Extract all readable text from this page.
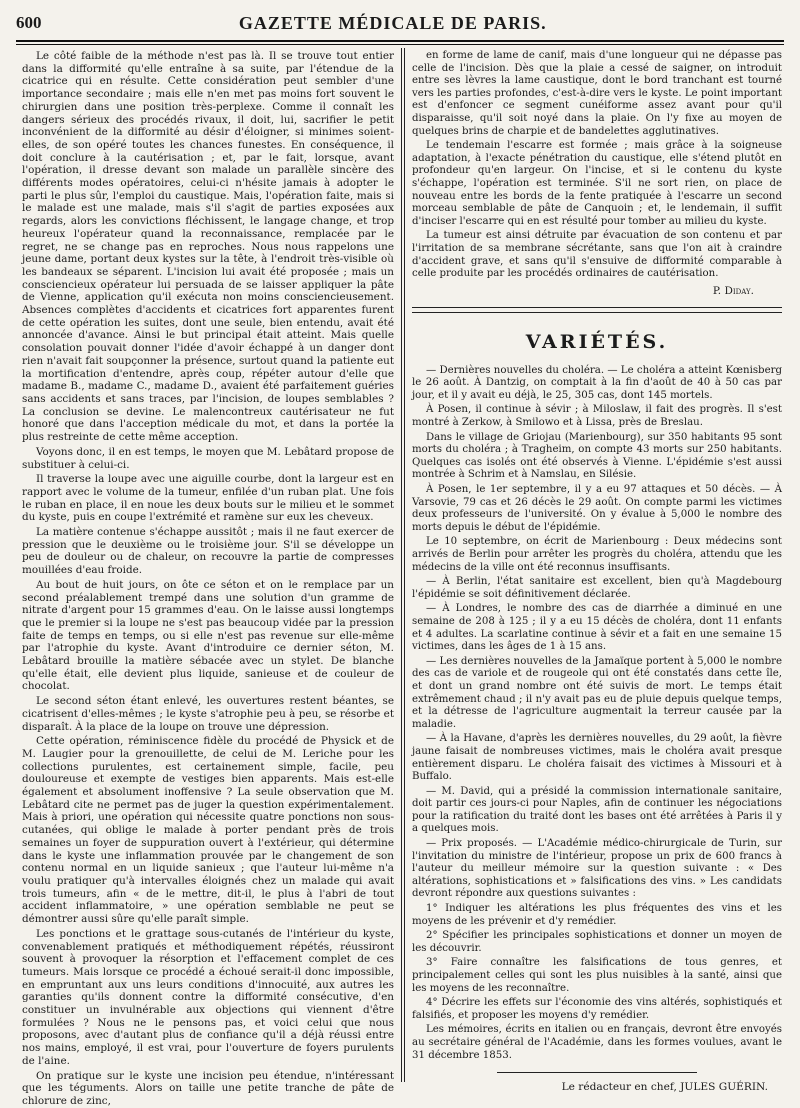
600	GAZETTE MÉDICALE DE PARIS.

Le côté faible de la méthode n'est pas là. Il se trouve tout entier dans la difformité qu'elle entraîne à sa suite, par l'étendue de la cicatrice qui en résulte. Cette considération peut sembler d'une importance secondaire ; mais elle n'en met pas moins fort souvent le chirurgien dans une position très-perplexe. Comme il connaît les dangers sérieux des procédés rivaux, il doit, lui, sacrifier le petit inconvénient de la difformité au désir d'éloigner, si minimes soient-elles, de son opéré toutes les chances funestes. En conséquence, il doit conclure à la cautérisation ; et, par le fait, lorsque, avant l'opération, il dresse devant son malade un parallèle sincère des différents modes opératoires, celui-ci n'hésite jamais à adopter le parti le plus sûr, l'emploi du caustique. Mais, l'opération faite, mais si le malade est une malade, mais s'il s'agit de parties exposées aux regards, alors les convictions fléchissent, le langage change, et trop heureux l'opérateur quand la reconnaissance, remplacée par le regret, ne se change pas en reproches. Nous nous rappelons une jeune dame, portant deux kystes sur la tête, à l'endroit très-visible où les bandeaux se séparent. L'incision lui avait été proposée ; mais un consciencieux opérateur lui persuada de se laisser appliquer la pâte de Vienne, application qu'il exécuta non moins consciencieusement. Absences complètes d'accidents et cicatrices fort apparentes furent de cette opération les suites, dont une seule, bien entendu, avait été annoncée d'avance. Ainsi le but principal était atteint. Mais quelle consolation pouvait donner l'idée d'avoir échappé à un danger dont rien n'avait fait soupçonner la présence, surtout quand la patiente eut la mortification d'entendre, après coup, répéter autour d'elle que madame B., madame C., madame D., avaient été parfaitement guéries sans accidents et sans traces, par l'incision, de loupes semblables ? La conclusion se devine. Le malencontreux cautérisateur ne fut honoré que dans l'acception médicale du mot, et dans la portée la plus restreinte de cette même acception.

Voyons donc, il en est temps, le moyen que M. Lebâtard propose de substituer à celui-ci.

Il traverse la loupe avec une aiguille courbe, dont la largeur est en rapport avec le volume de la tumeur, enfilée d'un ruban plat. Une fois le ruban en place, il en noue les deux bouts sur le milieu et le sommet du kyste, puis en coupe l'extrémité et ramène sur eux les cheveux.

La matière contenue s'échappe aussitôt ; mais il ne faut exercer de pression que le deuxième ou le troisième jour. S'il se développe un peu de douleur ou de chaleur, on recouvre la partie de compresses mouillées d'eau froide.

Au bout de huit jours, on ôte ce séton et on le remplace par un second préalablement trempé dans une solution d'un gramme de nitrate d'argent pour 15 grammes d'eau. On le laisse aussi longtemps que le premier si la loupe ne s'est pas beaucoup vidée par la pression faite de temps en temps, ou si elle n'est pas revenue sur elle-même par l'atrophie du kyste. Avant d'introduire ce dernier séton, M. Lebâtard brouille la matière sébacée avec un stylet. De blanche qu'elle était, elle devient plus liquide, sanieuse et de couleur de chocolat.

Le second séton étant enlevé, les ouvertures restent béantes, se cicatrisent d'elles-mêmes ; le kyste s'atrophie peu à peu, se résorbe et disparaît. À la place de la loupe on trouve une dépression.

Cette opération, réminiscence fidèle du procédé de Physick et de M. Laugier pour la grenouillette, de celui de M. Leriche pour les collections purulentes, est certainement simple, facile, peu douloureuse et exempte de vestiges bien apparents. Mais est-elle également et absolument inoffensive ? La seule observation que M. Lebâtard cite ne permet pas de juger la question expérimentalement. Mais à priori, une opération qui nécessite quatre ponctions non sous-cutanées, qui oblige le malade à porter pendant près de trois semaines un foyer de suppuration ouvert à l'extérieur, qui détermine dans le kyste une inflammation prouvée par le changement de son contenu normal en un liquide sanieux ; que l'auteur lui-même n'a voulu pratiquer qu'à intervalles éloignés chez un malade qui avait trois tumeurs, afin « de le mettre, dit-il, le plus à l'abri de tout accident inflammatoire, » une opération semblable ne peut se démontrer aussi sûre qu'elle paraît simple.

Les ponctions et le grattage sous-cutanés de l'intérieur du kyste, convenablement pratiqués et méthodiquement répétés, réussiront souvent à provoquer la résorption et l'effacement complet de ces tumeurs. Mais lorsque ce procédé a échoué serait-il donc impossible, en empruntant aux uns leurs conditions d'innocuité, aux autres les garanties qu'ils donnent contre la difformité consécutive, d'en constituer un invulnérable aux objections qui viennent d'être formulées ? Nous ne le pensons pas, et voici celui que nous proposons, avec d'autant plus de confiance qu'il a déjà réussi entre nos mains, employé, il est vrai, pour l'ouverture de foyers purulents de l'aine.

On pratique sur le kyste une incision peu étendue, n'intéressant que les téguments. Alors on taille une petite tranche de pâte de chlorure de zinc,

en forme de lame de canif, mais d'une longueur qui ne dépasse pas celle de l'incision. Dès que la plaie a cessé de saigner, on introduit entre ses lèvres la lame caustique, dont le bord tranchant est tourné vers les parties profondes, c'est-à-dire vers le kyste. Le point important est d'enfoncer ce segment cunéiforme assez avant pour qu'il disparaisse, qu'il soit noyé dans la plaie. On l'y fixe au moyen de quelques brins de charpie et de bandelettes agglutinatives.

Le tendemain l'escarre est formée ; mais grâce à la soigneuse adaptation, à l'exacte pénétration du caustique, elle s'étend plutôt en profondeur qu'en largeur. On l'incise, et si le contenu du kyste s'échappe, l'opération est terminée. S'il ne sort rien, on place de nouveau entre les bords de la fente pratiquée à l'escarre un second morceau semblable de pâte de Canquoin ; et, le lendemain, il suffit d'inciser l'escarre qui en est résulté pour tomber au milieu du kyste.

La tumeur est ainsi détruite par évacuation de son contenu et par l'irritation de sa membrane sécrétante, sans que l'on ait à craindre d'accident grave, et sans qu'il s'ensuive de difformité comparable à celle produite par les procédés ordinaires de cautérisation.

P. Diday.
VARIÉTÉS.

— Dernières nouvelles du choléra. — Le choléra a atteint Kœnisberg le 26 août. À Dantzig, on comptait à la fin d'août de 40 à 50 cas par jour, et il y avait eu déjà, le 25, 305 cas, dont 145 mortels.

À Posen, il continue à sévir ; à Miloslaw, il fait des progrès. Il s'est montré à Zerkow, à Smilowo et à Lissa, près de Breslau.

Dans le village de Griojau (Marienbourg), sur 350 habitants 95 sont morts du choléra ; à Tragheim, on compte 43 morts sur 250 habitants. Quelques cas isolés ont été observés à Vienne. L'épidémie s'est aussi montrée à Schrim et à Namslau, en Silésie.

À Posen, le 1er septembre, il y a eu 97 attaques et 50 décès. — À Varsovie, 79 cas et 26 décès le 29 août. On compte parmi les victimes deux professeurs de l'université. On y évalue à 5,000 le nombre des morts depuis le début de l'épidémie.

Le 10 septembre, on écrit de Marienbourg : Deux médecins sont arrivés de Berlin pour arrêter les progrès du choléra, attendu que les médecins de la ville ont été reconnus insuffisants.

— À Berlin, l'état sanitaire est excellent, bien qu'à Magdebourg l'épidémie se soit définitivement déclarée.

— À Londres, le nombre des cas de diarrhée a diminué en une semaine de 208 à 125 ; il y a eu 15 décès de choléra, dont 11 enfants et 4 adultes. La scarlatine continue à sévir et a fait en une semaine 15 victimes, dans les âges de 1 à 15 ans.

— Les dernières nouvelles de la Jamaïque portent à 5,000 le nombre des cas de variole et de rougeole qui ont été constatés dans cette île, et dont un grand nombre ont été suivis de mort. Le temps était extrêmement chaud ; il n'y avait pas eu de pluie depuis quelque temps, et la détresse de l'agriculture augmentait la terreur causée par la maladie.

— À la Havane, d'après les dernières nouvelles, du 29 août, la fièvre jaune faisait de nombreuses victimes, mais le choléra avait presque entièrement disparu. Le choléra faisait des victimes à Missouri et à Buffalo.

— M. David, qui a présidé la commission internationale sanitaire, doit partir ces jours-ci pour Naples, afin de continuer les négociations pour la ratification du traité dont les bases ont été arrêtées à Paris il y a quelques mois.

— Prix proposés. — L'Académie médico-chirurgicale de Turin, sur l'invitation du ministre de l'intérieur, propose un prix de 600 francs à l'auteur du meilleur mémoire sur la question suivante : « Des altérations, sophistications et » falsifications des vins. » Les candidats devront répondre aux questions suivantes :

1° Indiquer les altérations les plus fréquentes des vins et les moyens de les prévenir et d'y remédier.

2° Spécifier les principales sophistications et donner un moyen de les découvrir.

3° Faire connaître les falsifications de tous genres, et principalement celles qui sont les plus nuisibles à la santé, ainsi que les moyens de les reconnaître.

4° Décrire les effets sur l'économie des vins altérés, sophistiqués et falsifiés, et proposer les moyens d'y remédier.

Les mémoires, écrits en italien ou en français, devront être envoyés au secrétaire général de l'Académie, dans les formes voulues, avant le 31 décembre 1853.

Le rédacteur en chef, JULES GUÉRIN.
